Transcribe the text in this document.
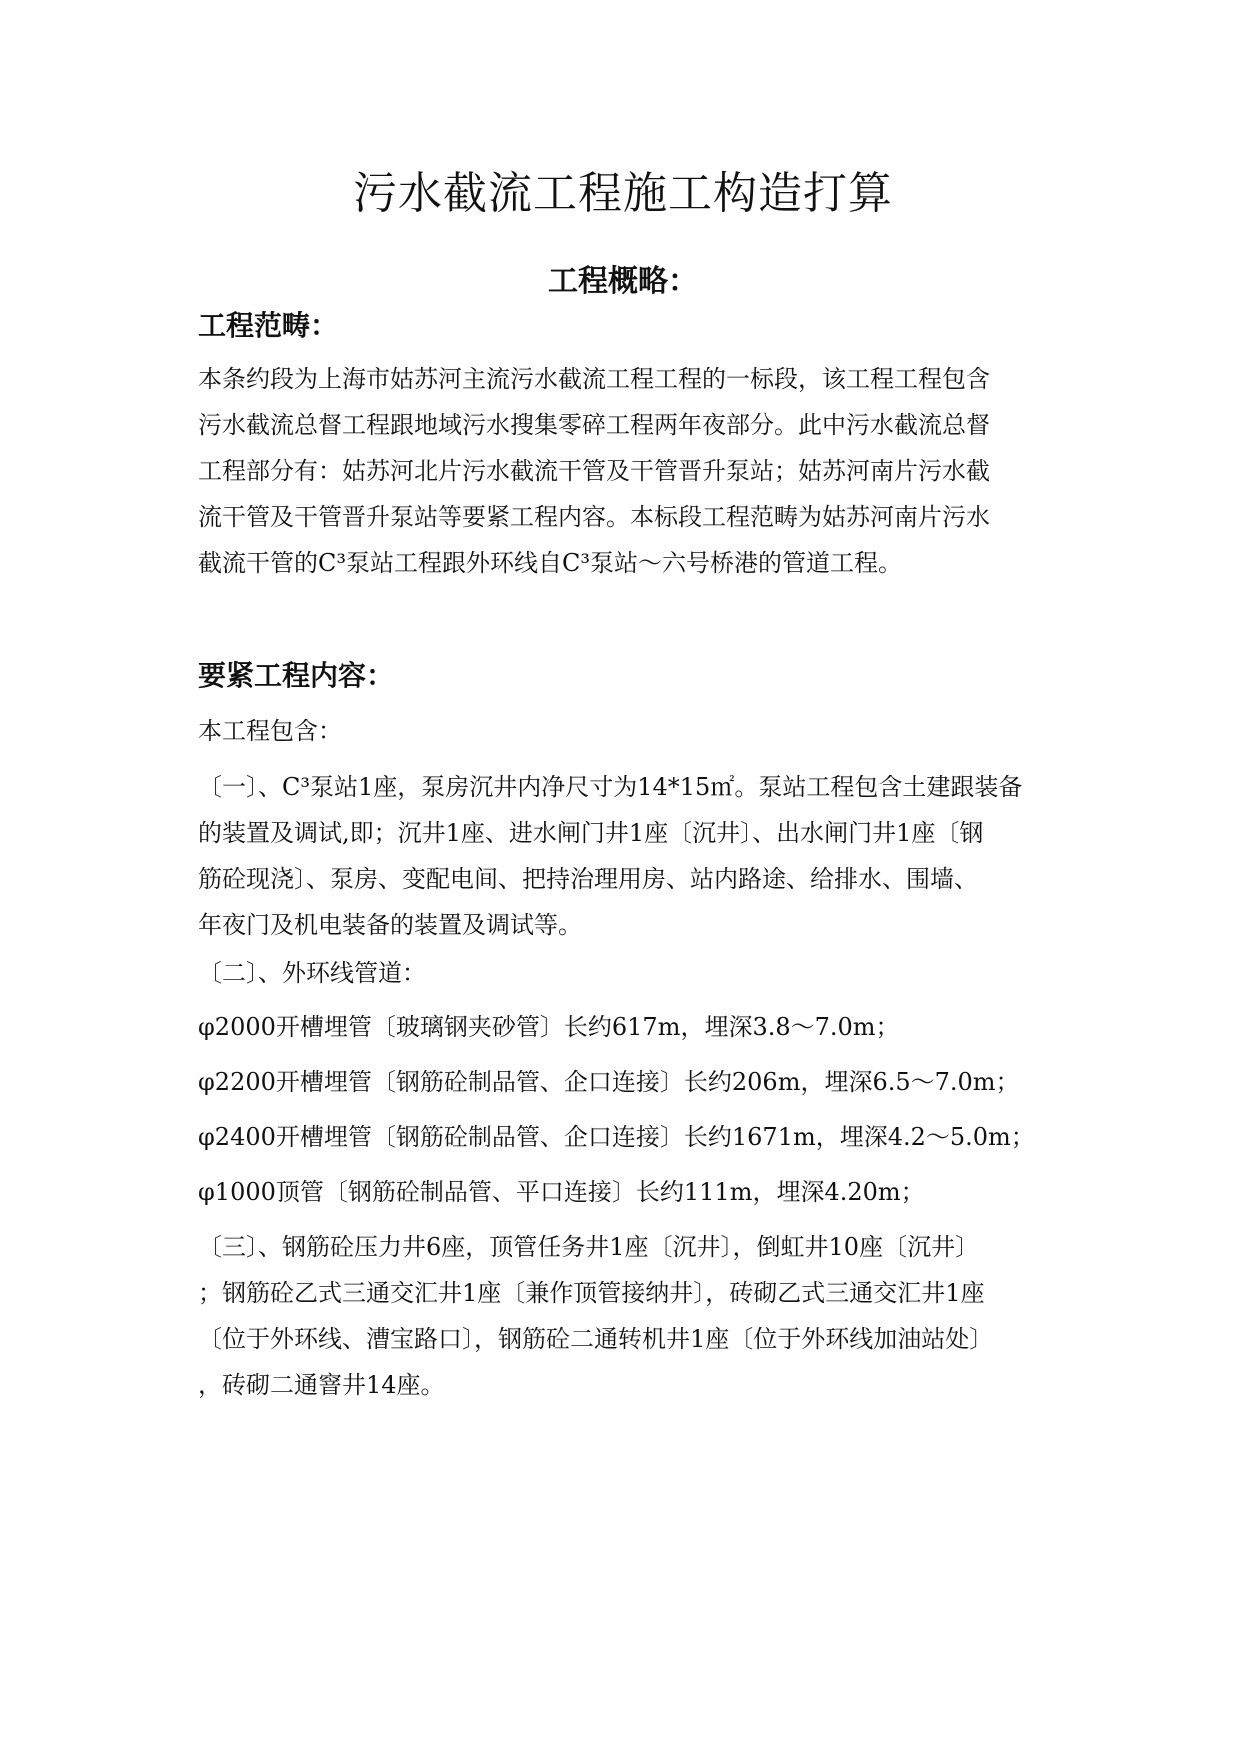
污水截流工程施工构造打算
工程概略：
工程范畴：

本条约段为上海市姑苏河主流污水截流工程工程的一标段，该工程工程包含
污水截流总督工程跟地域污水搜集零碎工程两年夜部分。此中污水截流总督
工程部分有：姑苏河北片污水截流干管及干管晋升泵站；姑苏河南片污水截
流干管及干管晋升泵站等要紧工程内容。本标段工程范畴为姑苏河南片污水
截流干管的C³泵站工程跟外环线自C³泵站～六号桥港的管道工程。

要紧工程内容：

本工程包含：

〔一〕、C³泵站1座，泵房沉井内净尺寸为14*15㎡。泵站工程包含土建跟装备
的装置及调试,即；沉井1座、进水闸门井1座〔沉井〕、出水闸门井1座〔钢
筋砼现浇〕、泵房、变配电间、把持治理用房、站内路途、给排水、围墙、
年夜门及机电装备的装置及调试等。

〔二〕、外环线管道：

φ2000开槽埋管〔玻璃钢夹砂管〕长约617m，埋深3.8～7.0m；

φ2200开槽埋管〔钢筋砼制品管、企口连接〕长约206m，埋深6.5～7.0m；

φ2400开槽埋管〔钢筋砼制品管、企口连接〕长约1671m，埋深4.2～5.0m；

φ1000顶管〔钢筋砼制品管、平口连接〕长约111m，埋深4.20m；

〔三〕、钢筋砼压力井6座，顶管任务井1座〔沉井〕，倒虹井10座〔沉井〕
；钢筋砼乙式三通交汇井1座〔兼作顶管接纳井〕，砖砌乙式三通交汇井1座
〔位于外环线、漕宝路口〕，钢筋砼二通转机井1座〔位于外环线加油站处〕
，砖砌二通窨井14座。
